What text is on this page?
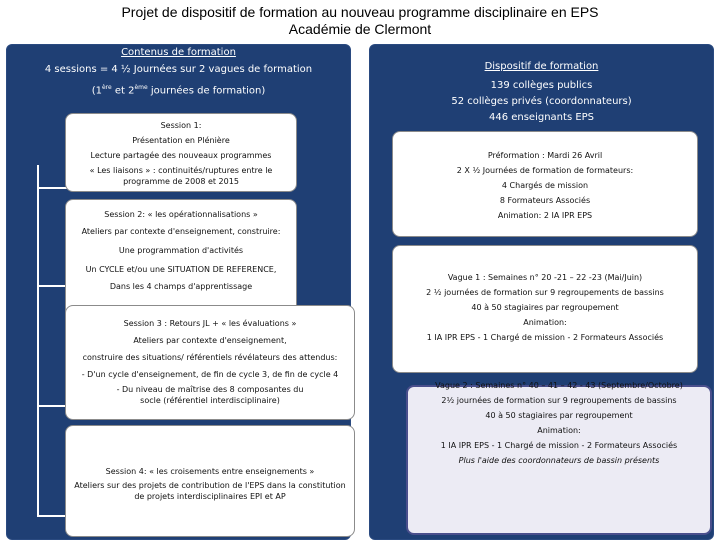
Projet de dispositif de formation au nouveau programme disciplinaire en EPS
Académie de Clermont
Contenus de formation
4 sessions = 4 ½ Journées sur 2 vagues de formation
(1ère et 2ème journées de formation)
Session 1:
Présentation en Plénière
Lecture partagée des nouveaux programmes
« Les liaisons » : continuités/ruptures entre le programme de 2008 et 2015
Session 2: « les opérationnalisations »
Ateliers par contexte d'enseignement, construire:
Une programmation d'activités
Un CYCLE et/ou une SITUATION DE REFERENCE,
Dans les 4 champs d'apprentissage
Session 3 : Retours JL + « les évaluations »
Ateliers par contexte d'enseignement,
construire des situations/ référentiels révélateurs des attendus:
- D'un cycle d'enseignement, de fin de cycle 3, de fin de cycle 4
- Du niveau de maîtrise des 8 composantes du socle (référentiel interdisciplinaire)
Session 4: « les croisements entre enseignements »
Ateliers sur des projets de contribution de l'EPS dans la constitution de projets interdisciplinaires EPI et AP
Dispositif de formation
139 collèges publics
52 collèges privés (coordonnateurs)
446 enseignants EPS
Préformation : Mardi 26 Avril
2 X ½ Journées de formation de formateurs:
4 Chargés de mission
8 Formateurs Associés
Animation: 2 IA IPR EPS
Vague 1 : Semaines n° 20 -21 – 22 -23 (Mai/Juin)
2 ½ journées de formation sur 9 regroupements de bassins
40 à 50 stagiaires par regroupement
Animation:
1 IA IPR EPS - 1 Chargé de mission - 2 Formateurs Associés
Vague 2 : Semaines n° 40 – 41 – 42 - 43 (Septembre/Octobre)
2½ journées de formation sur 9 regroupements de bassins
40 à 50 stagiaires par regroupement
Animation:
1 IA IPR EPS - 1 Chargé de mission - 2 Formateurs Associés
Plus l'aide des coordonnateurs de bassin présents
